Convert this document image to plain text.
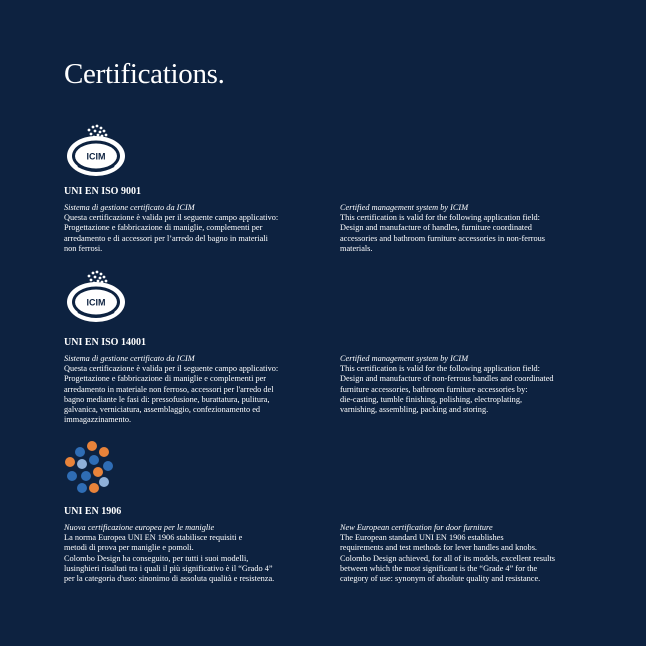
Certifications.
ICIM
UNI EN ISO 9001
Sistema di gestione certificato da ICIM
Questa certificazione è valida per il seguente campo applicativo:
Progettazione e fabbricazione di maniglie, complementi per
arredamento e di accessori per l’arredo del bagno in materiali
non ferrosi.
Certified management system by ICIM
This certification is valid for the following application field:
Design and manufacture of handles, furniture coordinated
accessories and bathroom furniture accessories in non-ferrous
materials.
ICIM
UNI EN ISO 14001
Sistema di gestione certificato da ICIM
Questa certificazione è valida per il seguente campo applicativo:
Progettazione e fabbricazione di maniglie e complementi per
arredamento in materiale non ferroso, accessori per l'arredo del
bagno mediante le fasi di: pressofusione, burattatura, pulitura,
galvanica, verniciatura, assemblaggio, confezionamento ed
immagazzinamento.
Certified management system by ICIM
This certification is valid for the following application field:
Design and manufacture of non-ferrous handles and coordinated
furniture accessories, bathroom furniture accessories by:
die-casting, tumble finishing, polishing, electroplating,
varnishing, assembling, packing and storing.
UNI EN 1906
Nuova certificazione europea per le maniglie
La norma Europea UNI EN 1906 stabilisce requisiti e
metodi di prova per maniglie e pomoli.
Colombo Design ha conseguito, per tutti i suoi modelli,
lusinghieri risultati tra i quali il più significativo è il “Grado 4”
per la categoria d'uso: sinonimo di assoluta qualità e resistenza.
New European certification for door furniture
The European standard UNI EN 1906 establishes
requirements and test methods for lever handles and knobs.
Colombo Design achieved, for all of its models, excellent results
between which the most significant is the “Grade 4” for the
category of use: synonym of absolute quality and resistance.
